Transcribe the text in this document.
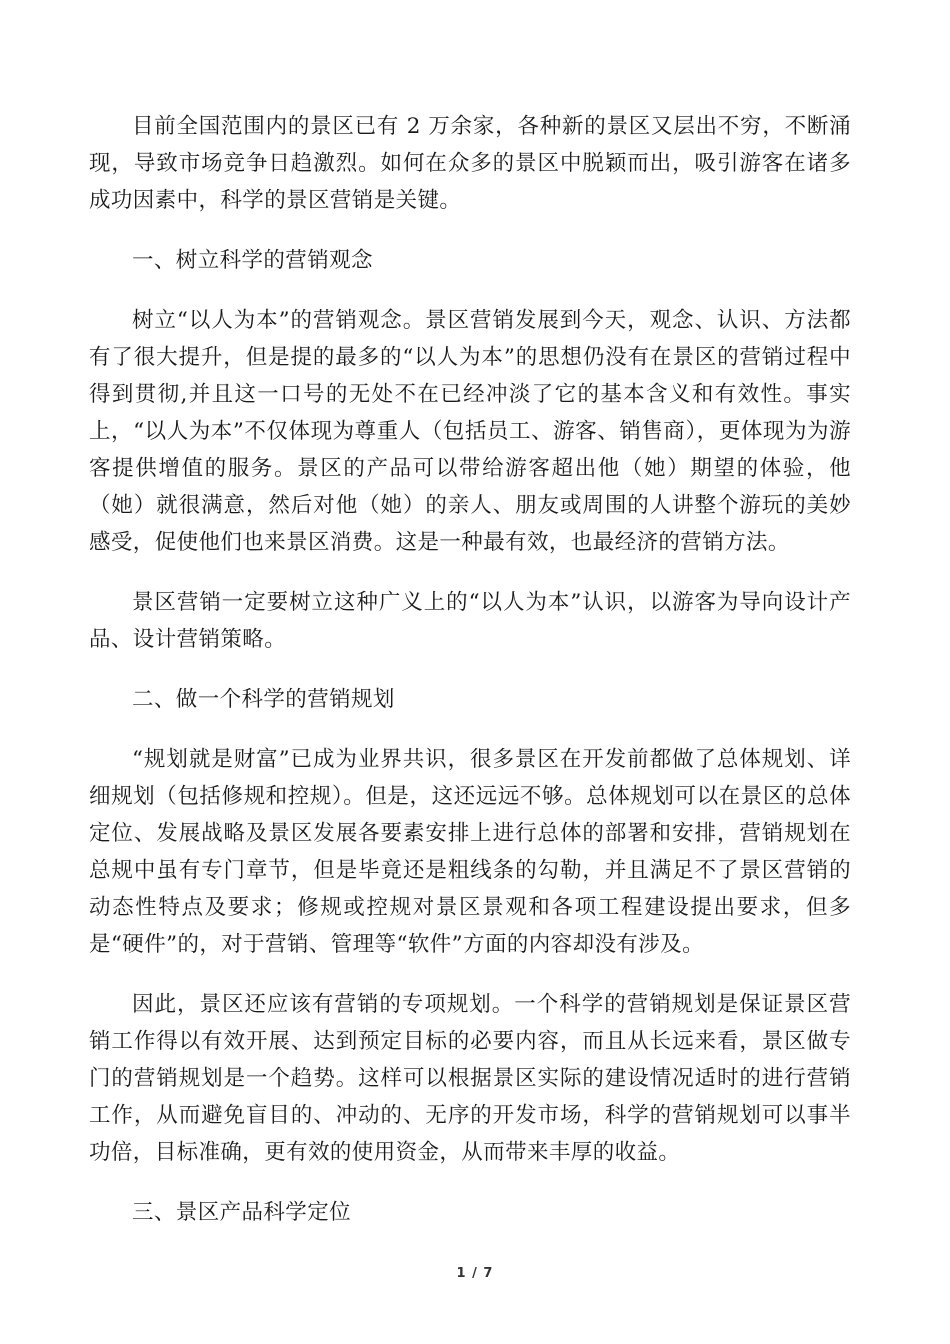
目前全国范围内的景区已有 2 万余家，各种新的景区又层出不穷，不断涌现，导致市场竞争日趋激烈。如何在众多的景区中脱颖而出，吸引游客在诸多成功因素中，科学的景区营销是关键。

一、树立科学的营销观念

树立“以人为本”的营销观念。景区营销发展到今天，观念、认识、方法都有了很大提升，但是提的最多的“以人为本”的思想仍没有在景区的营销过程中得到贯彻,并且这一口号的无处不在已经冲淡了它的基本含义和有效性。事实上，“以人为本”不仅体现为尊重人（包括员工、游客、销售商），更体现为为游客提供增值的服务。景区的产品可以带给游客超出他（她）期望的体验，他（她）就很满意，然后对他（她）的亲人、朋友或周围的人讲整个游玩的美妙感受，促使他们也来景区消费。这是一种最有效，也最经济的营销方法。

景区营销一定要树立这种广义上的“以人为本”认识，以游客为导向设计产品、设计营销策略。

二、做一个科学的营销规划

“规划就是财富”已成为业界共识，很多景区在开发前都做了总体规划、详细规划（包括修规和控规）。但是，这还远远不够。总体规划可以在景区的总体定位、发展战略及景区发展各要素安排上进行总体的部署和安排，营销规划在总规中虽有专门章节，但是毕竟还是粗线条的勾勒，并且满足不了景区营销的动态性特点及要求；修规或控规对景区景观和各项工程建设提出要求，但多是“硬件”的，对于营销、管理等“软件”方面的内容却没有涉及。

因此，景区还应该有营销的专项规划。一个科学的营销规划是保证景区营销工作得以有效开展、达到预定目标的必要内容，而且从长远来看，景区做专门的营销规划是一个趋势。这样可以根据景区实际的建设情况适时的进行营销工作，从而避免盲目的、冲动的、无序的开发市场，科学的营销规划可以事半功倍，目标准确，更有效的使用资金，从而带来丰厚的收益。

三、景区产品科学定位

1 / 7
